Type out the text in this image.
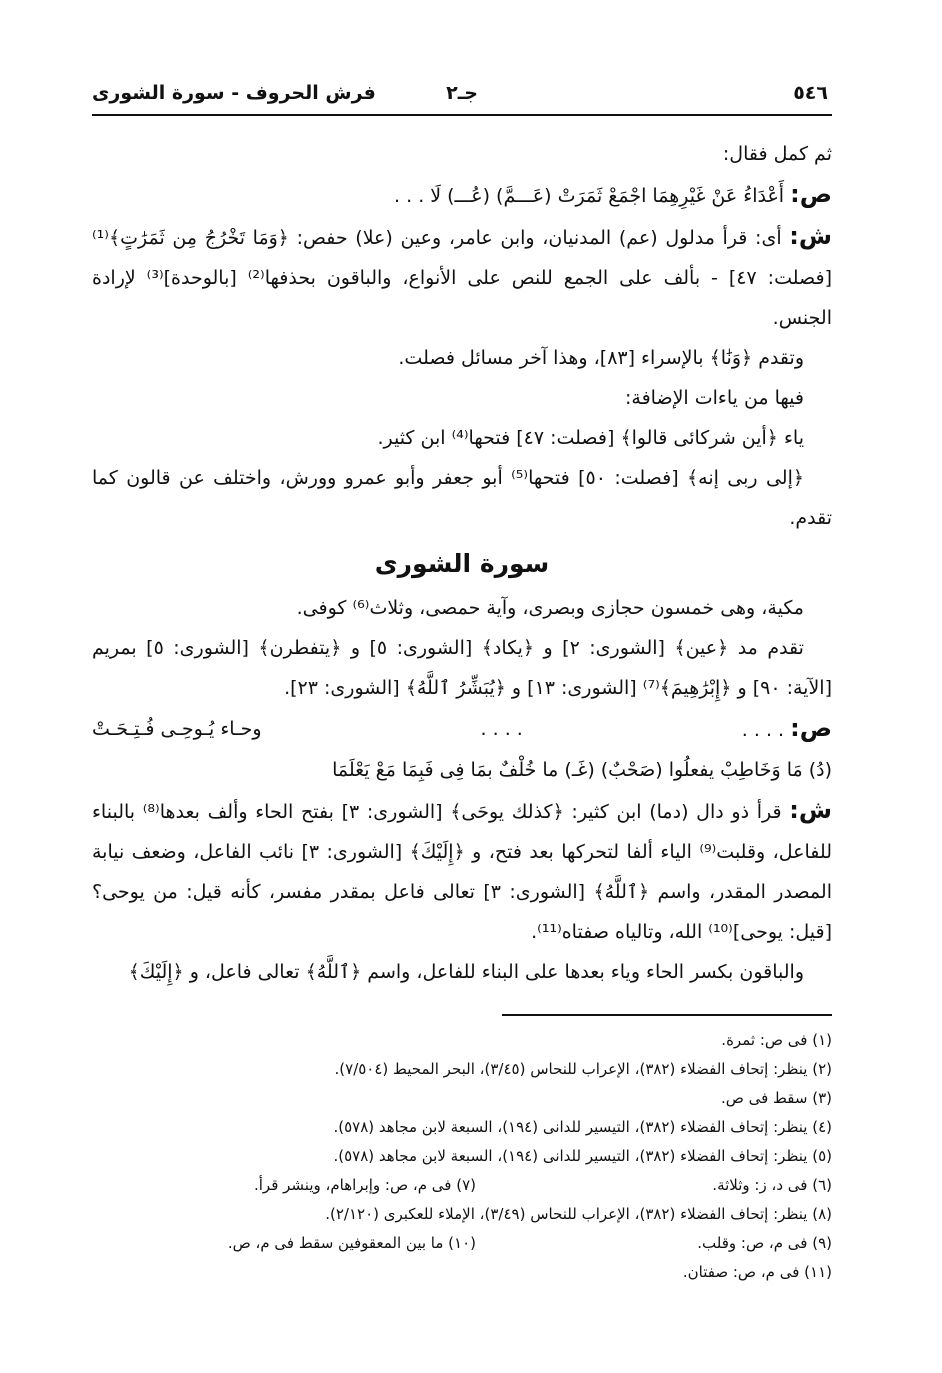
٥٤٦
جـ٢
فرش الحروف - سورة الشورى

ثم كمل فقال:

ص: أَعْدَاءُ عَنْ غَيْرِهِمَا اجْمَعْ ثَمَرَتْ (عَـــمَّ) (عُـــ) لَا . . .

ش: أى: قرأ مدلول (عم) المدنيان، وابن عامر، وعين (علا) حفص: ﴿وَمَا تَخْرُجُ مِن ثَمَرَٰتٍ﴾⁽¹⁾ [فصلت: ٤٧] - بألف على الجمع للنص على الأنواع، والباقون بحذفها⁽²⁾ [بالوحدة]⁽³⁾ لإرادة الجنس.

وتقدم ﴿وَنَٰا﴾ بالإسراء [٨٣]، وهذا آخر مسائل فصلت.

فيها من ياءات الإضافة:

ياء ﴿أين شركائى قالوا﴾ [فصلت: ٤٧] فتحها⁽⁴⁾ ابن كثير.

﴿إلى ربى إنه﴾ [فصلت: ٥٠] فتحها⁽⁵⁾ أبو جعفر وأبو عمرو وورش، واختلف عن قالون كما تقدم.

سورة الشورى

مكية، وهى خمسون حجازى وبصرى، وآية حمصى، وثلاث⁽⁶⁾ كوفى.

تقدم مد ﴿عين﴾ [الشورى: ٢] و ﴿يكاد﴾ [الشورى: ٥] و ﴿يتفطرن﴾ [الشورى: ٥] بمريم [الآية: ٩٠] و ﴿إِبْرَٰهِيمَ﴾⁽⁷⁾ [الشورى: ١٣] و ﴿يُبَشِّرُ ٱللَّهُ﴾ [الشورى: ٢٣].

ص: . . . .
. . . .
وحـاء يُـوحِـى فُـتِـحَـتْ

(دُ) مَا وَخَاطِبْ يفعلُوا (صَحْبٌ) (غَـ) ما خُلْفٌ بمَا فِى فَبِمَا مَعْ يَعْلَمَا

ش: قرأ ذو دال (دما) ابن كثير: ﴿كذلك يوحَى﴾ [الشورى: ٣] بفتح الحاء وألف بعدها⁽⁸⁾ بالبناء للفاعل، وقلبت⁽⁹⁾ الياء ألفا لتحركها بعد فتح، و ﴿إِلَيْكَ﴾ [الشورى: ٣] نائب الفاعل، وضعف نيابة المصدر المقدر، واسم ﴿ٱللَّهُ﴾ [الشورى: ٣] تعالى فاعل بمقدر مفسر، كأنه قيل: من يوحى؟ [قيل: يوحى]⁽¹⁰⁾ الله، وتالياه صفتاه⁽¹¹⁾.

والباقون بكسر الحاء وياء بعدها على البناء للفاعل، واسم ﴿ٱللَّهُ﴾ تعالى فاعل، و ﴿إِلَيْكَ﴾

(١) فى ص: ثمرة.
(٢) ينظر: إتحاف الفضلاء (٣٨٢)، الإعراب للنحاس (٣/٤٥)، البحر المحيط (٧/٥٠٤).
(٣) سقط فى ص.
(٤) ينظر: إتحاف الفضلاء (٣٨٢)، التيسير للدانى (١٩٤)، السبعة لابن مجاهد (٥٧٨).
(٥) ينظر: إتحاف الفضلاء (٣٨٢)، التيسير للدانى (١٩٤)، السبعة لابن مجاهد (٥٧٨).
(٦) فى د، ز: وثلاثة.
(٧) فى م، ص: وإبراهام، وينشر قرأ.
(٨) ينظر: إتحاف الفضلاء (٣٨٢)، الإعراب للنحاس (٣/٤٩)، الإملاء للعكبرى (٢/١٢٠).
(٩) فى م، ص: وقلب.
(١٠) ما بين المعقوفين سقط فى م، ص.
(١١) فى م، ص: صفتان.
